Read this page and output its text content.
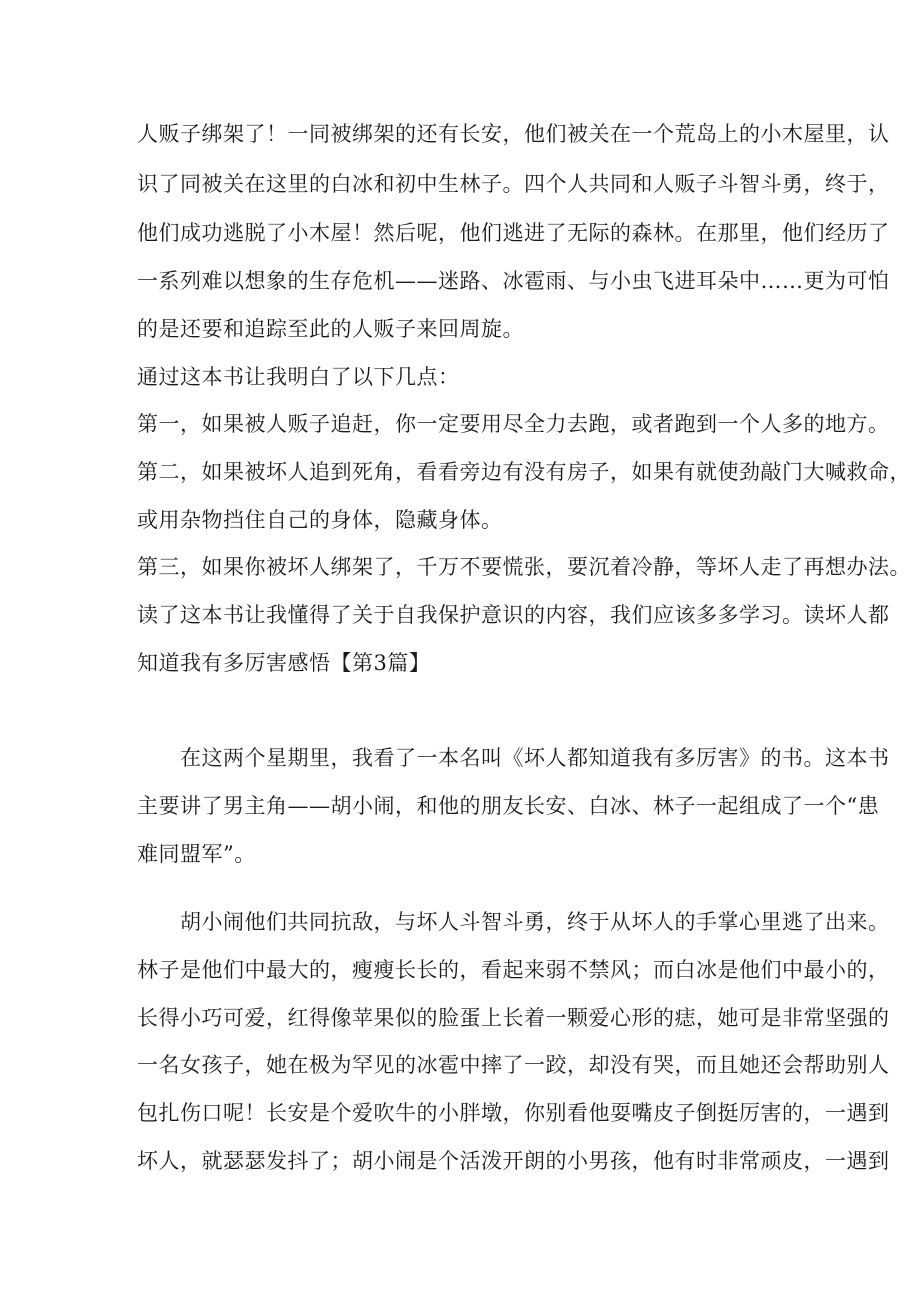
人贩子绑架了！一同被绑架的还有长安，他们被关在一个荒岛上的小木屋里，认
识了同被关在这里的白冰和初中生林子。四个人共同和人贩子斗智斗勇，终于，
他们成功逃脱了小木屋！然后呢，他们逃进了无际的森林。在那里，他们经历了
一系列难以想象的生存危机——迷路、冰雹雨、与小虫飞进耳朵中……更为可怕
的是还要和追踪至此的人贩子来回周旋。
通过这本书让我明白了以下几点：
第一，如果被人贩子追赶，你一定要用尽全力去跑，或者跑到一个人多的地方。
第二，如果被坏人追到死角，看看旁边有没有房子，如果有就使劲敲门大喊救命，
或用杂物挡住自己的身体，隐藏身体。
第三，如果你被坏人绑架了，千万不要慌张，要沉着冷静，等坏人走了再想办法。
读了这本书让我懂得了关于自我保护意识的内容，我们应该多多学习。读坏人都
知道我有多厉害感悟【第3篇】
在这两个星期里，我看了一本名叫《坏人都知道我有多厉害》的书。这本书
主要讲了男主角——胡小闹，和他的朋友长安、白冰、林子一起组成了一个“患
难同盟军”。
胡小闹他们共同抗敌，与坏人斗智斗勇，终于从坏人的手掌心里逃了出来。
林子是他们中最大的，瘦瘦长长的，看起来弱不禁风；而白冰是他们中最小的，
长得小巧可爱，红得像苹果似的脸蛋上长着一颗爱心形的痣，她可是非常坚强的
一名女孩子，她在极为罕见的冰雹中摔了一跤，却没有哭，而且她还会帮助别人
包扎伤口呢！长安是个爱吹牛的小胖墩，你别看他耍嘴皮子倒挺厉害的，一遇到
坏人，就瑟瑟发抖了；胡小闹是个活泼开朗的小男孩，他有时非常顽皮，一遇到
